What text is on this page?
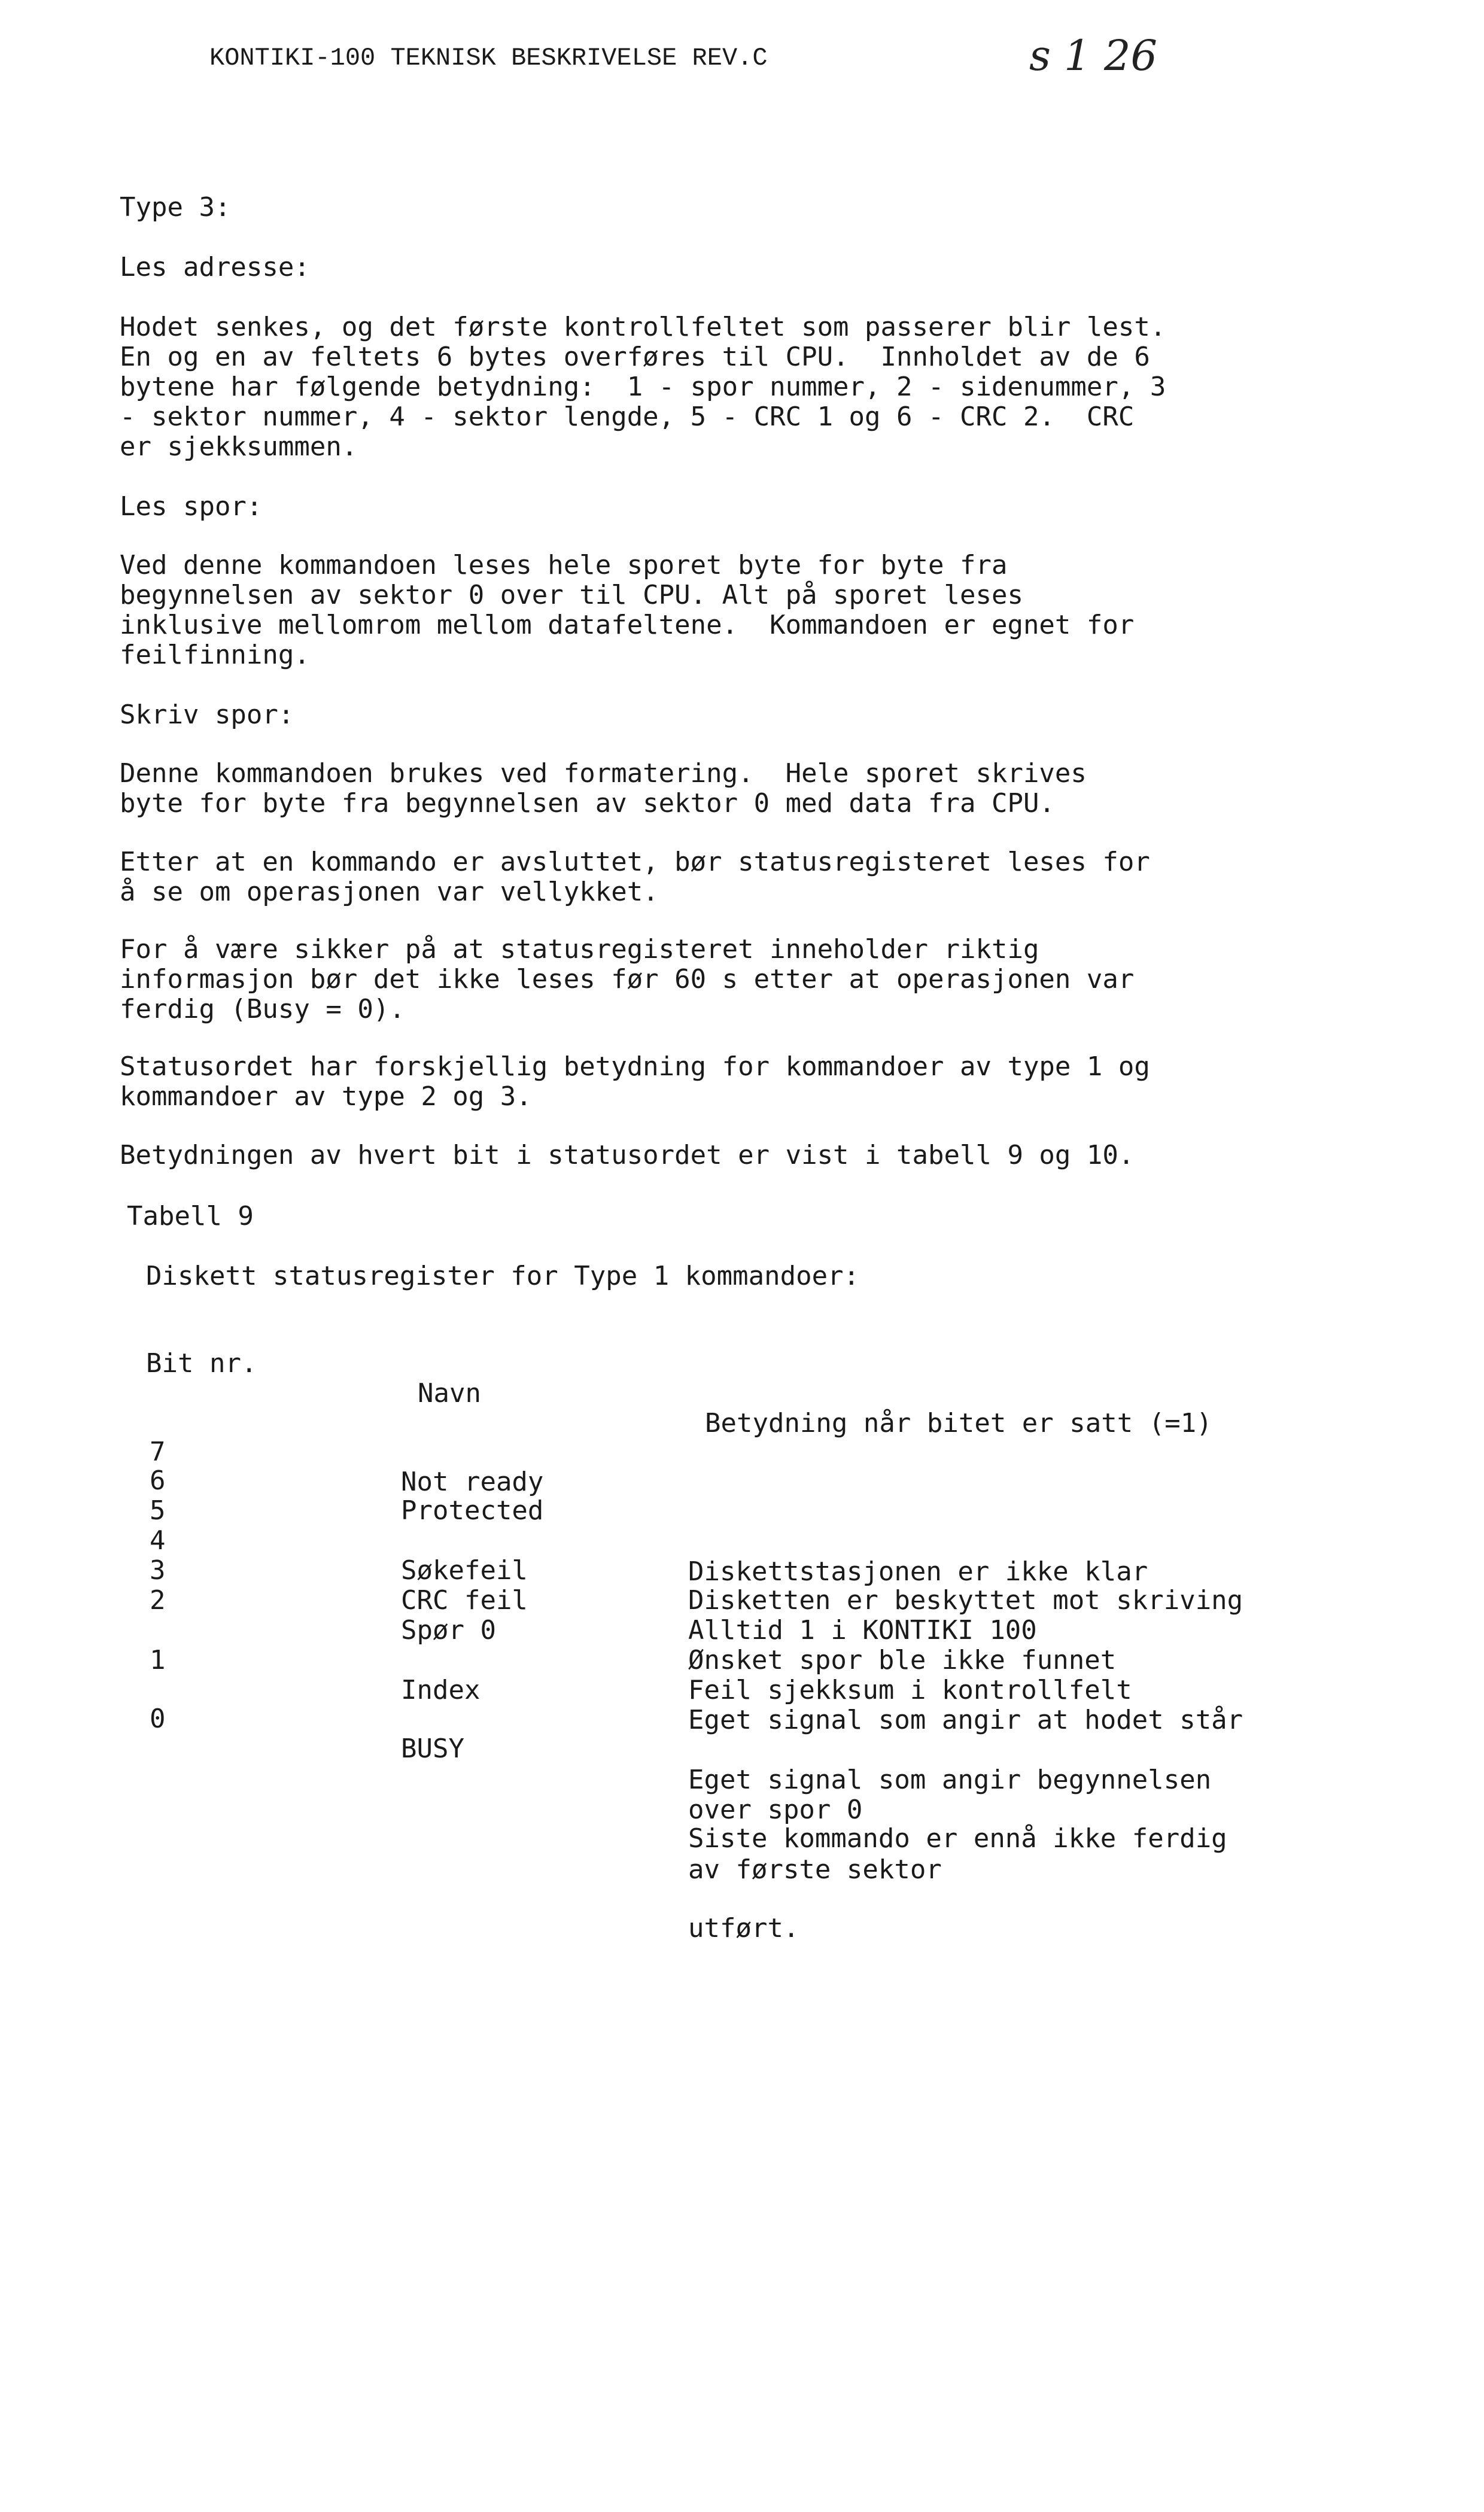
KONTIKI-100 TEKNISK BESKRIVELSE REV.C	s 1 26
Type 3:
Les adresse:
Hodet senkes, og det første kontrollfeltet som passerer blir lest.
En og en av feltets 6 bytes overføres til CPU.  Innholdet av de 6
bytene har følgende betydning:  1 - spor nummer, 2 - sidenummer, 3
- sektor nummer, 4 - sektor lengde, 5 - CRC 1 og 6 - CRC 2.  CRC
er sjekksummen.
Les spor:
Ved denne kommandoen leses hele sporet byte for byte fra
begynnelsen av sektor 0 over til CPU. Alt på sporet leses
inklusive mellomrom mellom datafeltene.  Kommandoen er egnet for
feilfinning.
Skriv spor:
Denne kommandoen brukes ved formatering.  Hele sporet skrives
byte for byte fra begynnelsen av sektor 0 med data fra CPU.
Etter at en kommando er avsluttet, bør statusregisteret leses for
å se om operasjonen var vellykket.
For å være sikker på at statusregisteret inneholder riktig
informasjon bør det ikke leses før 60 s etter at operasjonen var
ferdig (Busy = 0).
Statusordet har forskjellig betydning for kommandoer av type 1 og
kommandoer av type 2 og 3.
Betydningen av hvert bit i statusordet er vist i tabell 9 og 10.
Tabell 9
Diskett statusregister for Type 1 kommandoer:

Bit nr.

Navn

Betydning når bitet er satt (=1)

7

Not ready

Diskettstasjonen er ikke klar

6

Protected

Disketten er beskyttet mot skriving

5

Alltid 1 i KONTIKI 100

4

Søkefeil

Ønsket spor ble ikke funnet

3

CRC feil

Feil sjekksum i kontrollfelt

2

Spør 0

Eget signal som angir at hodet står

over spor 0

1

Index

Eget signal som angir begynnelsen

av første sektor

0

BUSY

Siste kommando er ennå ikke ferdig

utført.
